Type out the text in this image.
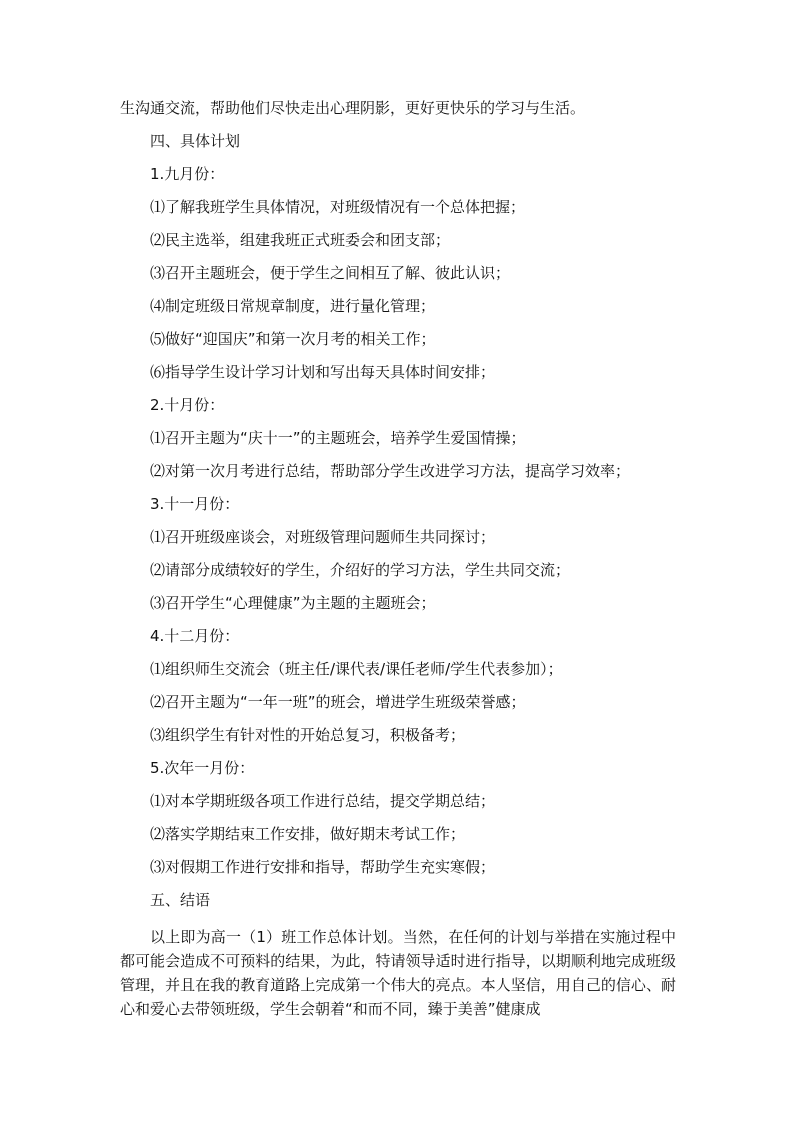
生沟通交流，帮助他们尽快走出心理阴影，更好更快乐的学习与生活。
四、具体计划
1.九月份：
⑴了解我班学生具体情况，对班级情况有一个总体把握；
⑵民主选举，组建我班正式班委会和团支部；
⑶召开主题班会，便于学生之间相互了解、彼此认识；
⑷制定班级日常规章制度，进行量化管理；
⑸做好“迎国庆”和第一次月考的相关工作；
⑹指导学生设计学习计划和写出每天具体时间安排；
2.十月份：
⑴召开主题为“庆十一”的主题班会，培养学生爱国情操；
⑵对第一次月考进行总结，帮助部分学生改进学习方法，提高学习效率；
3.十一月份：
⑴召开班级座谈会，对班级管理问题师生共同探讨；
⑵请部分成绩较好的学生，介绍好的学习方法，学生共同交流；
⑶召开学生“心理健康”为主题的主题班会；
4.十二月份：
⑴组织师生交流会（班主任/课代表/课任老师/学生代表参加）；
⑵召开主题为“一年一班”的班会，增进学生班级荣誉感；
⑶组织学生有针对性的开始总复习，积极备考；
5.次年一月份：
⑴对本学期班级各项工作进行总结，提交学期总结；
⑵落实学期结束工作安排，做好期末考试工作；
⑶对假期工作进行安排和指导，帮助学生充实寒假；
五、结语
以上即为高一（1）班工作总体计划。当然，在任何的计划与举措在实施过程中都可能会造成不可预料的结果，为此，特请领导适时进行指导，以期顺利地完成班级管理，并且在我的教育道路上完成第一个伟大的亮点。本人坚信，用自己的信心、耐心和爱心去带领班级，学生会朝着“和而不同，臻于美善”健康成
